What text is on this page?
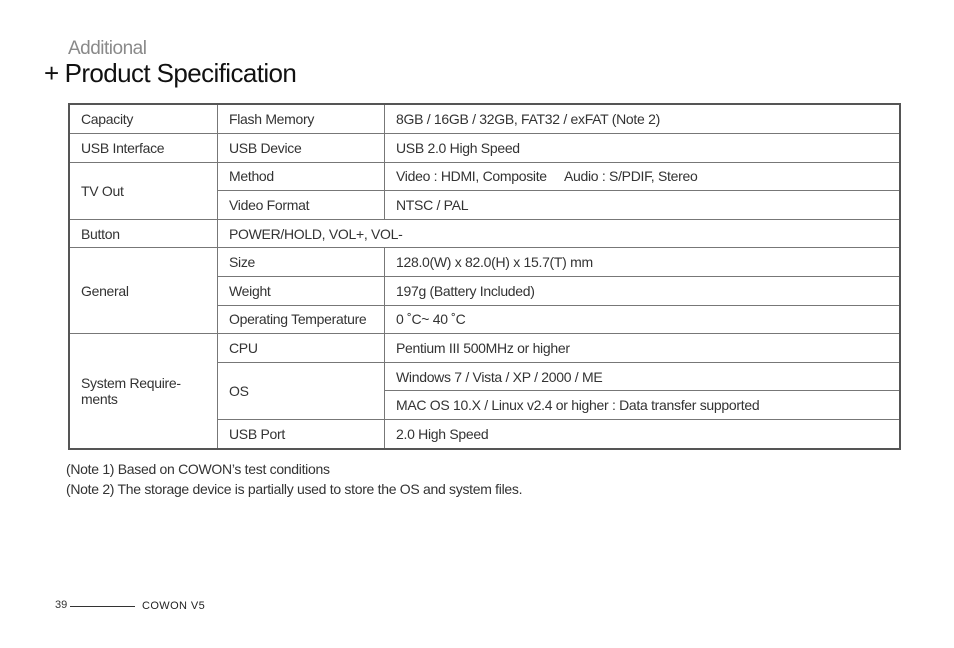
Additional
+ Product Specification
Capacity	Flash Memory	8GB / 16GB / 32GB, FAT32 / exFAT (Note 2)
USB Interface	USB Device	USB 2.0 High Speed
TV Out	Method	Video : HDMI, Composite     Audio : S/PDIF, Stereo
	Video Format	NTSC / PAL
Button	POWER/HOLD, VOL+, VOL-	
General	Size	128.0(W) x 82.0(H) x 15.7(T) mm
	Weight	197g (Battery Included)
	Operating Temperature	0 ˚C~ 40 ˚C
System Require-
ments	CPU	Pentium III 500MHz or higher
	OS	Windows 7 / Vista / XP / 2000 / ME
		MAC OS 10.X / Linux v2.4 or higher : Data transfer supported
	USB Port	2.0 High Speed
(Note 1) Based on COWON’s test conditions
(Note 2) The storage device is partially used to store the OS and system files.
39	COWON V5
